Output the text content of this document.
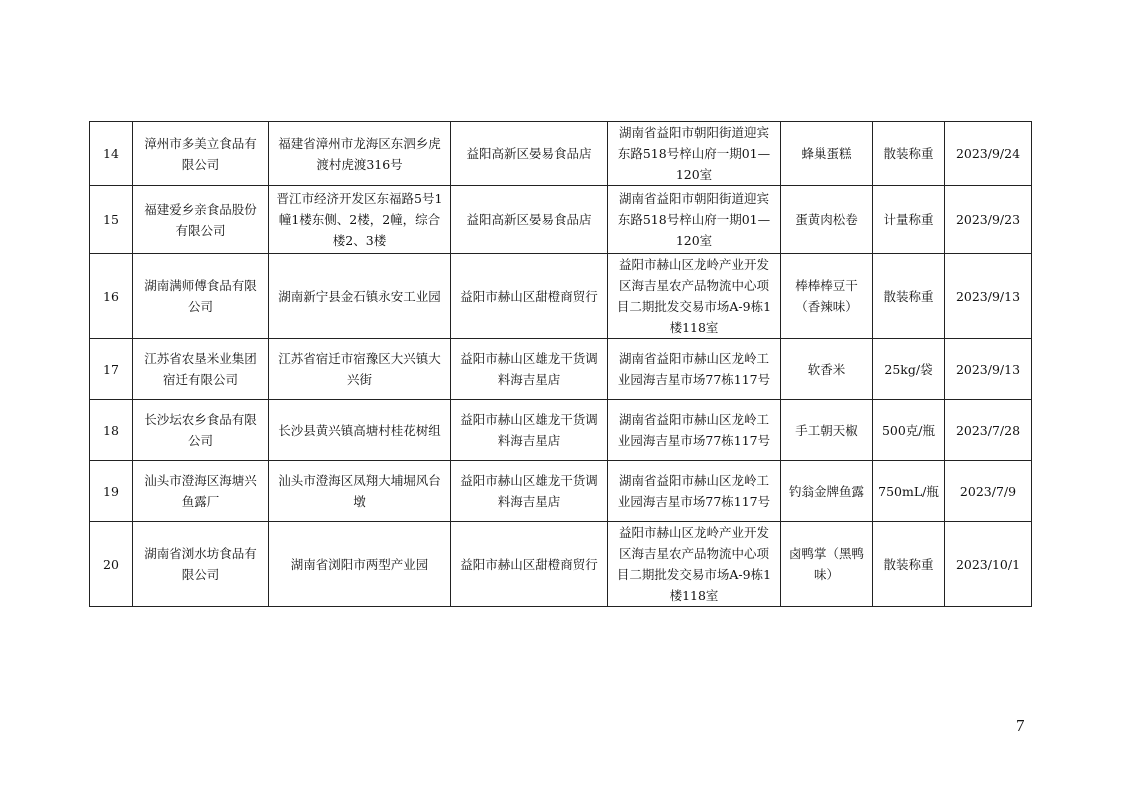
14	漳州市多美立食品有限公司	福建省漳州市龙海区东泗乡虎渡村虎渡316号	益阳高新区晏易食品店	湖南省益阳市朝阳街道迎宾东路518号梓山府一期01—120室	蜂巢蛋糕	散装称重	2023/9/24
15	福建爱乡亲食品股份有限公司	晋江市经济开发区东福路5号1幢1楼东侧、2楼，2幢，综合楼2、3楼	益阳高新区晏易食品店	湖南省益阳市朝阳街道迎宾东路518号梓山府一期01—120室	蛋黄肉松卷	计量称重	2023/9/23
16	湖南满师傅食品有限公司	湖南新宁县金石镇永安工业园	益阳市赫山区甜橙商贸行	益阳市赫山区龙岭产业开发区海吉星农产品物流中心项目二期批发交易市场A-9栋1楼118室	棒棒棒豆干（香辣味）	散装称重	2023/9/13
17	江苏省农垦米业集团宿迁有限公司	江苏省宿迁市宿豫区大兴镇大兴街	益阳市赫山区雄龙干货调料海吉星店	湖南省益阳市赫山区龙岭工业园海吉星市场77栋117号	软香米	25kg/袋	2023/9/13
18	长沙坛农乡食品有限公司	长沙县黄兴镇高塘村桂花树组	益阳市赫山区雄龙干货调料海吉星店	湖南省益阳市赫山区龙岭工业园海吉星市场77栋117号	手工朝天椒	500克/瓶	2023/7/28
19	汕头市澄海区海塘兴鱼露厂	汕头市澄海区凤翔大埔堀风台墩	益阳市赫山区雄龙干货调料海吉星店	湖南省益阳市赫山区龙岭工业园海吉星市场77栋117号	钓翁金牌鱼露	750mL/瓶	2023/7/9
20	湖南省浏水坊食品有限公司	湖南省浏阳市两型产业园	益阳市赫山区甜橙商贸行	益阳市赫山区龙岭产业开发区海吉星农产品物流中心项目二期批发交易市场A-9栋1楼118室	卤鸭掌（黑鸭味）	散装称重	2023/10/1
7
